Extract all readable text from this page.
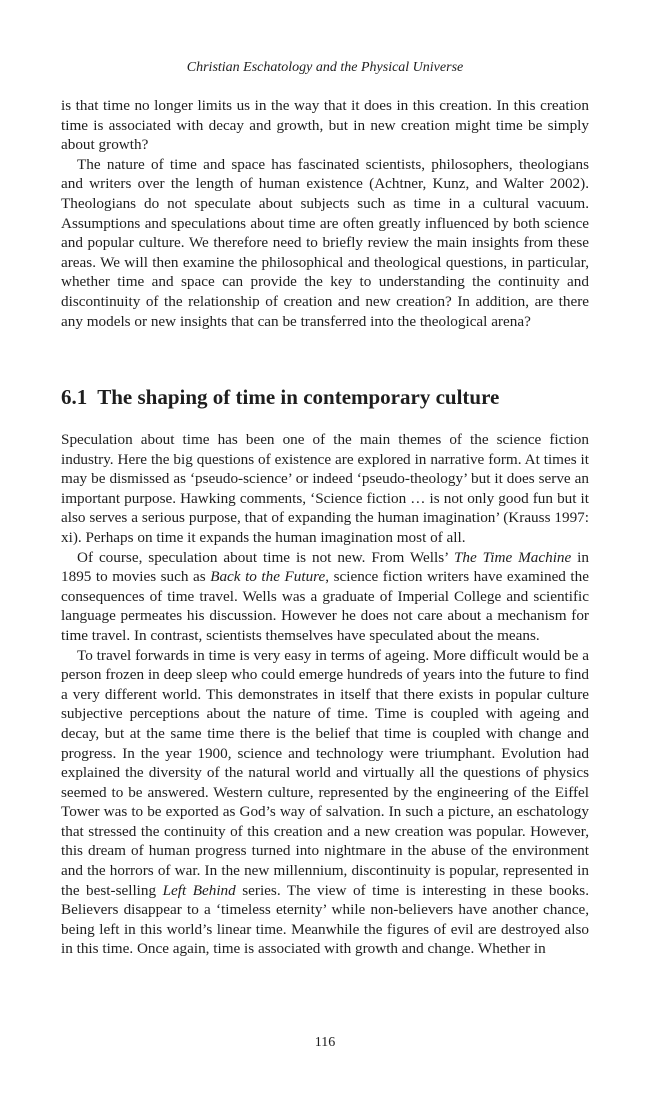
Christian Eschatology and the Physical Universe

is that time no longer limits us in the way that it does in this creation. In this creation time is associated with decay and growth, but in new creation might time be simply about growth?

The nature of time and space has fascinated scientists, philosophers, theologians and writers over the length of human existence (Achtner, Kunz, and Walter 2002). Theologians do not speculate about subjects such as time in a cultural vacuum. Assumptions and speculations about time are often greatly influenced by both science and popular culture. We therefore need to briefly review the main insights from these areas. We will then examine the philosophical and theological questions, in particular, whether time and space can provide the key to understanding the continuity and discontinuity of the relationship of creation and new creation? In addition, are there any models or new insights that can be transferred into the theological arena?

6.1 The shaping of time in contemporary culture

Speculation about time has been one of the main themes of the science fiction industry. Here the big questions of existence are explored in narrative form. At times it may be dismissed as ‘pseudo-science’ or indeed ‘pseudo-theology’ but it does serve an important purpose. Hawking comments, ‘Science fiction … is not only good fun but it also serves a serious purpose, that of expanding the human imagination’ (Krauss 1997: xi). Perhaps on time it expands the human imagination most of all.

Of course, speculation about time is not new. From Wells’ The Time Machine in 1895 to movies such as Back to the Future, science fiction writers have examined the consequences of time travel. Wells was a graduate of Imperial College and scientific language permeates his discussion. However he does not care about a mechanism for time travel. In contrast, scientists themselves have speculated about the means.

To travel forwards in time is very easy in terms of ageing. More difficult would be a person frozen in deep sleep who could emerge hundreds of years into the future to find a very different world. This demonstrates in itself that there exists in popular culture subjective perceptions about the nature of time. Time is coupled with ageing and decay, but at the same time there is the belief that time is coupled with change and progress. In the year 1900, science and technology were triumphant. Evolution had explained the diversity of the natural world and virtually all the questions of physics seemed to be answered. Western culture, represented by the engineering of the Eiffel Tower was to be exported as God’s way of salvation. In such a picture, an eschatology that stressed the continuity of this creation and a new creation was popular. However, this dream of human progress turned into nightmare in the abuse of the environment and the horrors of war. In the new millennium, discontinuity is popular, represented in the best-selling Left Behind series. The view of time is interesting in these books. Believers disappear to a ‘timeless eternity’ while non-believers have another chance, being left in this world’s linear time. Meanwhile the figures of evil are destroyed also in this time. Once again, time is associated with growth and change. Whether in

116
